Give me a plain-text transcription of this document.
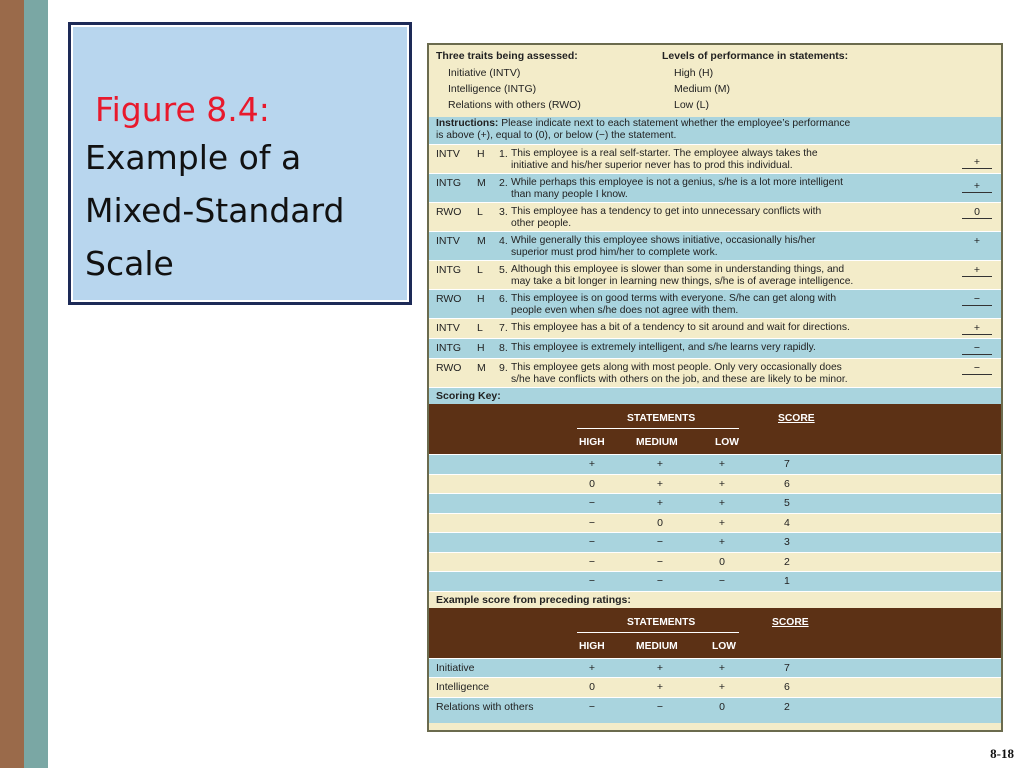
Figure 8.4:
Example of a
Mixed-Standard
Scale
Three traits being assessed:	Levels of performance in statements:
Initiative (INTV)
Intelligence (INTG)
Relations with others (RWO)
High (H)
Medium (M)
Low (L)
Instructions: Please indicate next to each statement whether the employee’s performance
is above (+), equal to (0), or below (−) the statement.
INTV H 1. This employee is a real self-starter. The employee always takes the
initiative and his/her superior never has to prod this individual.	+
INTG M 2. While perhaps this employee is not a genius, s/he is a lot more intelligent
than many people I know.
+
RWO L 3. This employee has a tendency to get into unnecessary conflicts with
other people.
0
INTV M 4. While generally this employee shows initiative, occasionally his/her
superior must prod him/her to complete work.
+
INTG L 5. Although this employee is slower than some in understanding things, and
may take a bit longer in learning new things, s/he is of average intelligence.
+
RWO H 6. This employee is on good terms with everyone. S/he can get along with
people even when s/he does not agree with them.
−
INTV L 7. This employee has a bit of a tendency to sit around and wait for directions.	+
INTG H 8. This employee is extremely intelligent, and s/he learns very rapidly.	−
RWO M 9. This employee gets along with most people. Only very occasionally does
s/he have conflicts with others on the job, and these are likely to be minor.
−
Scoring Key:
STATEMENTS	SCORE
HIGH	MEDIUM	LOW
+	+	+	7
0	+	+	6
−	+	+	5
−	0	+	4
−	−	+	3
−	−	0	2
−	−	−	1
Example score from preceding ratings:
STATEMENTS	SCORE
HIGH	MEDIUM	LOW
Initiative	+	+	+	7
Intelligence	0	+	+	6
Relations with others	−	−	0	2
8-18
